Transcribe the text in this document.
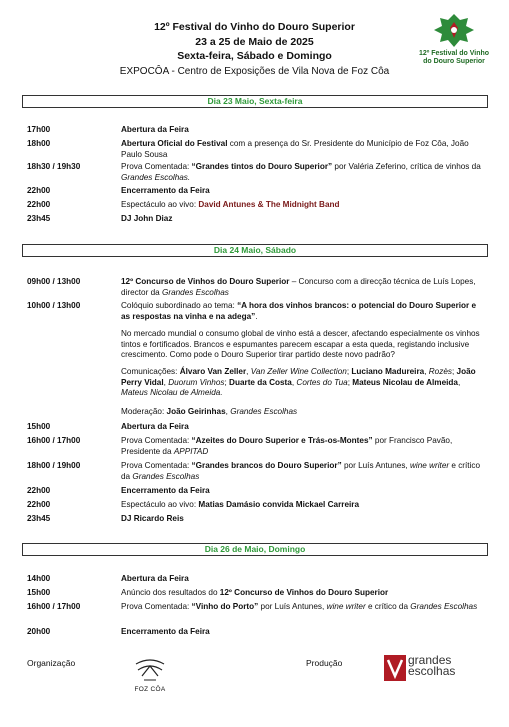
12º Festival do Vinho do Douro Superior
23 a 25 de Maio de 2025
Sexta-feira, Sábado e Domingo
EXPOCÔA - Centro de Exposições de Vila Nova de Foz Côa
12º Festival do Vinho
do Douro Superior
Dia 23 Maio, Sexta-feira
17h00	Abertura da Feira
18h00	Abertura Oficial do Festival com a presença do Sr. Presidente do Município de Foz Côa, João Paulo Sousa
18h30 / 19h30	Prova Comentada: “Grandes tintos do Douro Superior” por Valéria Zeferino, crítica de vinhos da Grandes Escolhas.
22h00	Encerramento da Feira
22h00	Espectáculo ao vivo: David Antunes & The Midnight Band
23h45	DJ John Diaz
Dia 24 Maio, Sábado
09h00 / 13h00	12º Concurso de Vinhos do Douro Superior – Concurso com a direcção técnica de Luís Lopes, director da Grandes Escolhas
10h00 / 13h00	Colóquio subordinado ao tema: “A hora dos vinhos brancos: o potencial do Douro Superior e as respostas na vinha e na adega”.
No mercado mundial o consumo global de vinho está a descer, afectando especialmente os vinhos tintos e fortificados. Brancos e espumantes parecem escapar a esta queda, registando inclusive crescimento. Como pode o Douro Superior tirar partido deste novo padrão?
Comunicações: Álvaro Van Zeller, Van Zeller Wine Collection; Luciano Madureira, Rozès; João Perry Vidal, Duorum Vinhos; Duarte da Costa, Cortes do Tua; Mateus Nicolau de Almeida, Mateus Nicolau de Almeida.
Moderação: João Geirinhas, Grandes Escolhas
15h00	Abertura da Feira
16h00 / 17h00	Prova Comentada: “Azeites do Douro Superior e Trás-os-Montes” por Francisco Pavão, Presidente da APPITAD
18h00 / 19h00	Prova Comentada: “Grandes brancos do Douro Superior” por Luís Antunes, wine writer e crítico da Grandes Escolhas
22h00	Encerramento da Feira
22h00	Espectáculo ao vivo: Matias Damásio convida Mickael Carreira
23h45	DJ Ricardo Reis
Dia 26 de Maio, Domingo
14h00	Abertura da Feira
15h00	Anúncio dos resultados do 12º Concurso de Vinhos do Douro Superior
16h00 / 17h00	Prova Comentada: “Vinho do Porto” por Luís Antunes, wine writer e crítico da Grandes Escolhas
20h00	Encerramento da Feira
Organização
FOZ CÔA
Produção	grandes
escolhas
